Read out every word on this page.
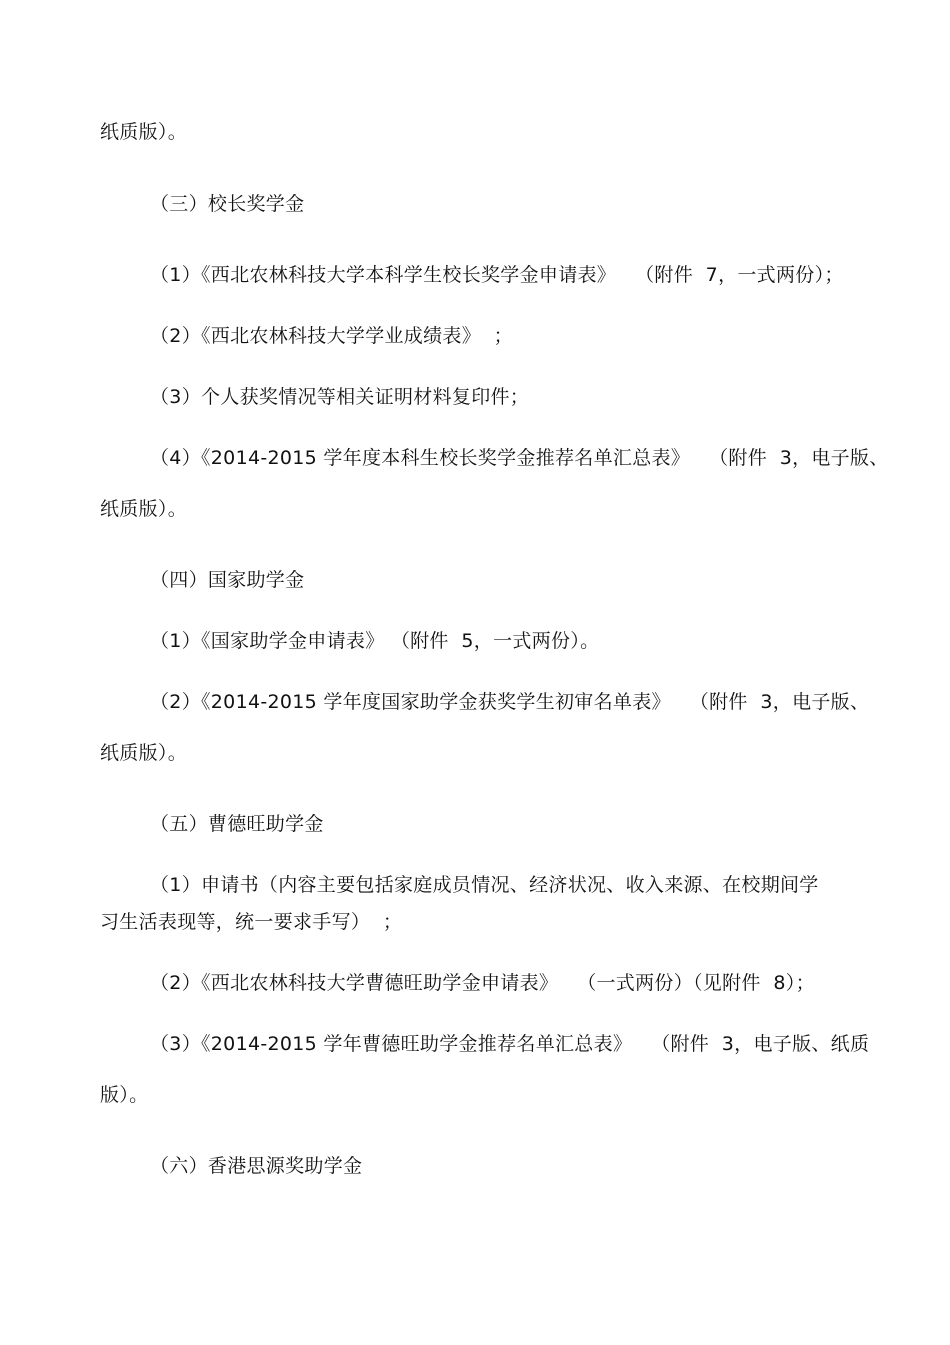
纸质版）。
（三）校长奖学金
（1）《西北农林科技大学本科学生校长奖学金申请表》   （附件  7，一式两份）；
（2）《西北农林科技大学学业成绩表》  ；
（3）个人获奖情况等相关证明材料复印件；
（4）《2014-2015 学年度本科生校长奖学金推荐名单汇总表》   （附件  3，电子版、
纸质版）。
（四）国家助学金
（1）《国家助学金申请表》 （附件  5，一式两份）。
（2）《2014-2015 学年度国家助学金获奖学生初审名单表》   （附件  3，电子版、
纸质版）。
（五）曹德旺助学金
（1）申请书（内容主要包括家庭成员情况、经济状况、收入来源、在校期间学
习生活表现等，统一要求手写）  ；
（2）《西北农林科技大学曹德旺助学金申请表》   （一式两份）（见附件  8）；
（3）《2014-2015 学年曹德旺助学金推荐名单汇总表》   （附件  3，电子版、纸质
版）。
（六）香港思源奖助学金
